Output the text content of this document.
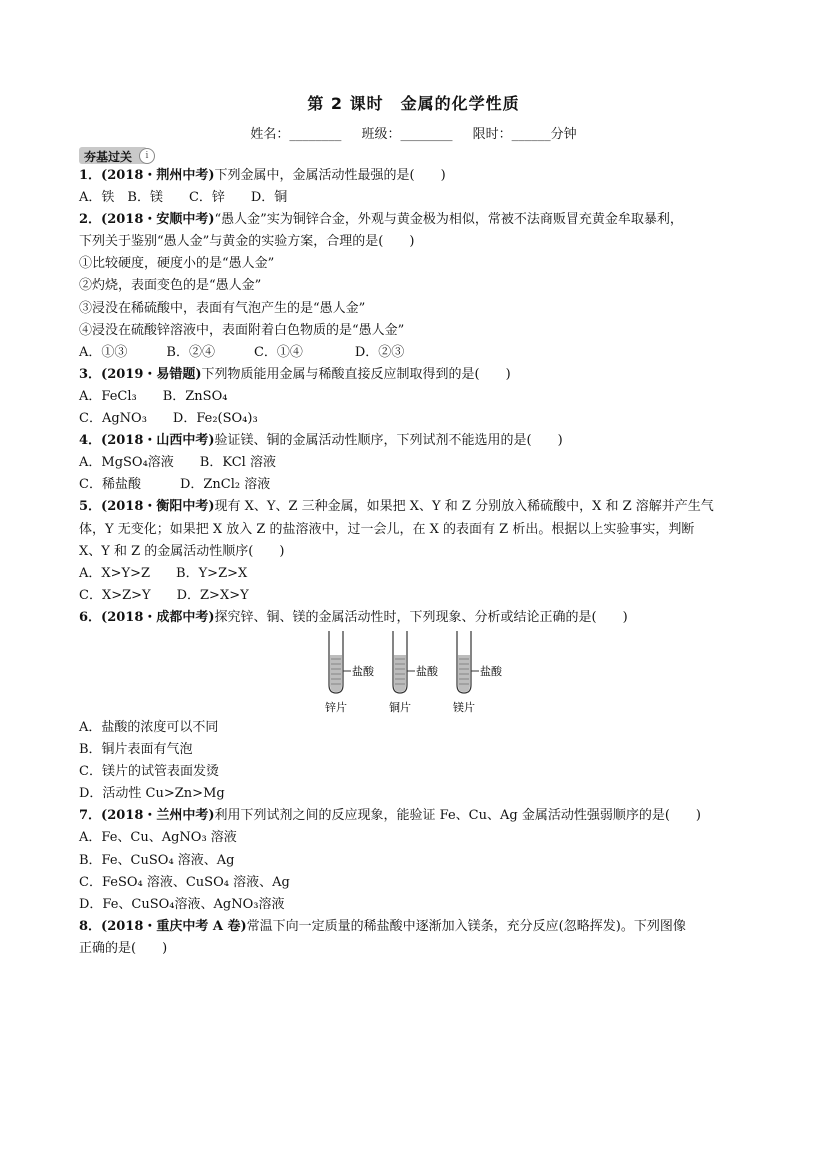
第 2 课时　金属的化学性质
姓名：________ 班级：________ 限时：______分钟
夯基过关	i
1．(2018・荆州中考)下列金属中，金属活动性最强的是(　　)
A．铁　B．镁　　C．锌　　D．铜
2．(2018・安顺中考)“愚人金”实为铜锌合金，外观与黄金极为相似，常被不法商贩冒充黄金牟取暴利，
下列关于鉴别“愚人金”与黄金的实验方案，合理的是(　　)
①比较硬度，硬度小的是“愚人金”
②灼烧，表面变色的是“愚人金”
③浸没在稀硫酸中，表面有气泡产生的是“愚人金”
④浸没在硫酸锌溶液中，表面附着白色物质的是“愚人金”
A．①③　　　B．②④　　　C．①④　　　　D．②③
3．(2019・易错题)下列物质能用金属与稀酸直接反应制取得到的是(　　)
A．FeCl₃　　B．ZnSO₄
C．AgNO₃　　D．Fe₂(SO₄)₃
4．(2018・山西中考)验证镁、铜的金属活动性顺序，下列试剂不能选用的是(　　)
A．MgSO₄溶液　　B．KCl 溶液
C．稀盐酸　　　D．ZnCl₂ 溶液
5．(2018・衡阳中考)现有 X、Y、Z 三种金属，如果把 X、Y 和 Z 分别放入稀硫酸中，X 和 Z 溶解并产生气
体，Y 无变化；如果把 X 放入 Z 的盐溶液中，过一会儿，在 X 的表面有 Z 析出。根据以上实验事实，判断
X、Y 和 Z 的金属活动性顺序(　　)
A．X>Y>Z　　B．Y>Z>X
C．X>Z>Y　　D．Z>X>Y
6．(2018・成都中考)探究锌、铜、镁的金属活动性时，下列现象、分析或结论正确的是(　　)
盐酸
锌片
盐酸
铜片
盐酸
镁片
A．盐酸的浓度可以不同
B．铜片表面有气泡
C．镁片的试管表面发烫
D．活动性 Cu>Zn>Mg
7．(2018・兰州中考)利用下列试剂之间的反应现象，能验证 Fe、Cu、Ag 金属活动性强弱顺序的是(　　)
A．Fe、Cu、AgNO₃ 溶液
B．Fe、CuSO₄ 溶液、Ag
C．FeSO₄ 溶液、CuSO₄ 溶液、Ag
D．Fe、CuSO₄溶液、AgNO₃溶液
8．(2018・重庆中考 A 卷)常温下向一定质量的稀盐酸中逐渐加入镁条，充分反应(忽略挥发)。下列图像
正确的是(　　)
